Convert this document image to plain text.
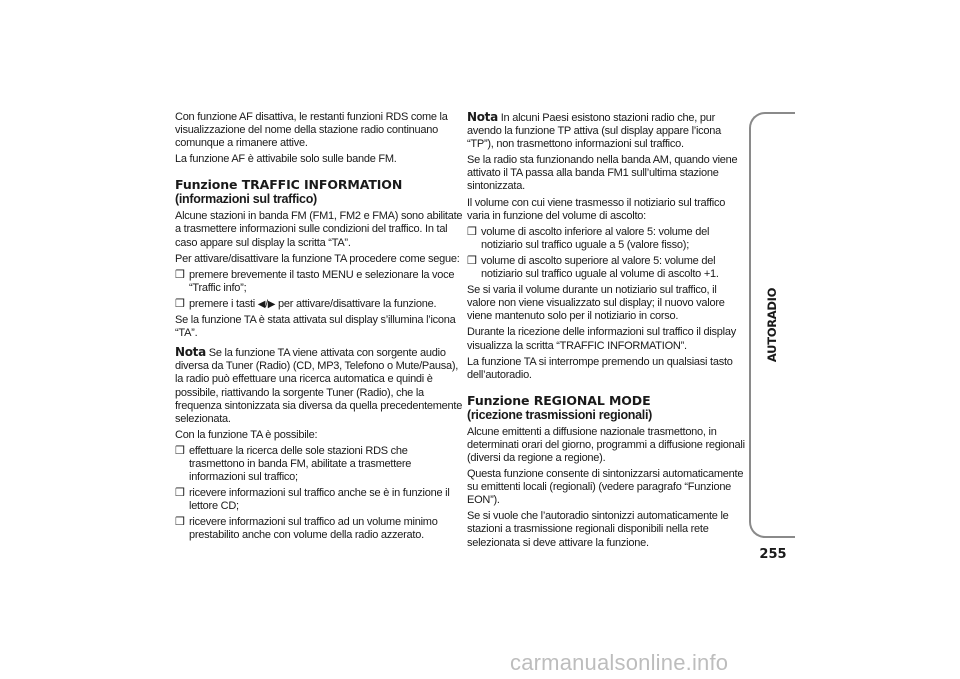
Con funzione AF disattiva, le restanti funzioni RDS come la visualizzazione del nome della stazione radio continuano comunque a rimanere attive.

La funzione AF è attivabile solo sulle bande FM.

Funzione TRAFFIC INFORMATION
(informazioni sul traffico)

Alcune stazioni in banda FM (FM1, FM2 e FMA) sono abilitate a trasmettere informazioni sulle condizioni del traffico. In tal caso appare sul display la scritta “TA”.

Per attivare/disattivare la funzione TA procedere come segue:

❒ premere brevemente il tasto MENU e selezionare la voce “Traffic info”;
❒ premere i tasti ◀/▶ per attivare/disattivare la funzione.

Se la funzione TA è stata attivata sul display s’illumina l’icona “TA”.

Nota Se la funzione TA viene attivata con sorgente audio diversa da Tuner (Radio) (CD, MP3, Telefono o Mute/Pausa), la radio può effettuare una ricerca automatica e quindi è possibile, riattivando la sorgente Tuner (Radio), che la frequenza sintonizzata sia diversa da quella precedentemente selezionata.

Con la funzione TA è possibile:

❒ effettuare la ricerca delle sole stazioni RDS che trasmettono in banda FM, abilitate a trasmettere informazioni sul traffico;
❒ ricevere informazioni sul traffico anche se è in funzione il lettore CD;
❒ ricevere informazioni sul traffico ad un volume minimo prestabilito anche con volume della radio azzerato.

Nota In alcuni Paesi esistono stazioni radio che, pur avendo la funzione TP attiva (sul display appare l’icona “TP”), non trasmettono informazioni sul traffico.

Se la radio sta funzionando nella banda AM, quando viene attivato il TA passa alla banda FM1 sull’ultima stazione sintonizzata.

Il volume con cui viene trasmesso il notiziario sul traffico varia in funzione del volume di ascolto:

❒ volume di ascolto inferiore al valore 5: volume del notiziario sul traffico uguale a 5 (valore fisso);
❒ volume di ascolto superiore al valore 5: volume del notiziario sul traffico uguale al volume di ascolto +1.

Se si varia il volume durante un notiziario sul traffico, il valore non viene visualizzato sul display; il nuovo valore viene mantenuto solo per il notiziario in corso.

Durante la ricezione delle informazioni sul traffico il display visualizza la scritta “TRAFFIC INFORMATION”.

La funzione TA si interrompe premendo un qualsiasi tasto dell’autoradio.

Funzione REGIONAL MODE
(ricezione trasmissioni regionali)

Alcune emittenti a diffusione nazionale trasmettono, in determinati orari del giorno, programmi a diffusione regionali (diversi da regione a regione).

Questa funzione consente di sintonizzarsi automaticamente su emittenti locali (regionali) (vedere paragrafo “Funzione EON”).

Se si vuole che l’autoradio sintonizzi automaticamente le stazioni a trasmissione regionali disponibili nella rete selezionata si deve attivare la funzione.

AUTORADIO
255
carmanualsonline.info
